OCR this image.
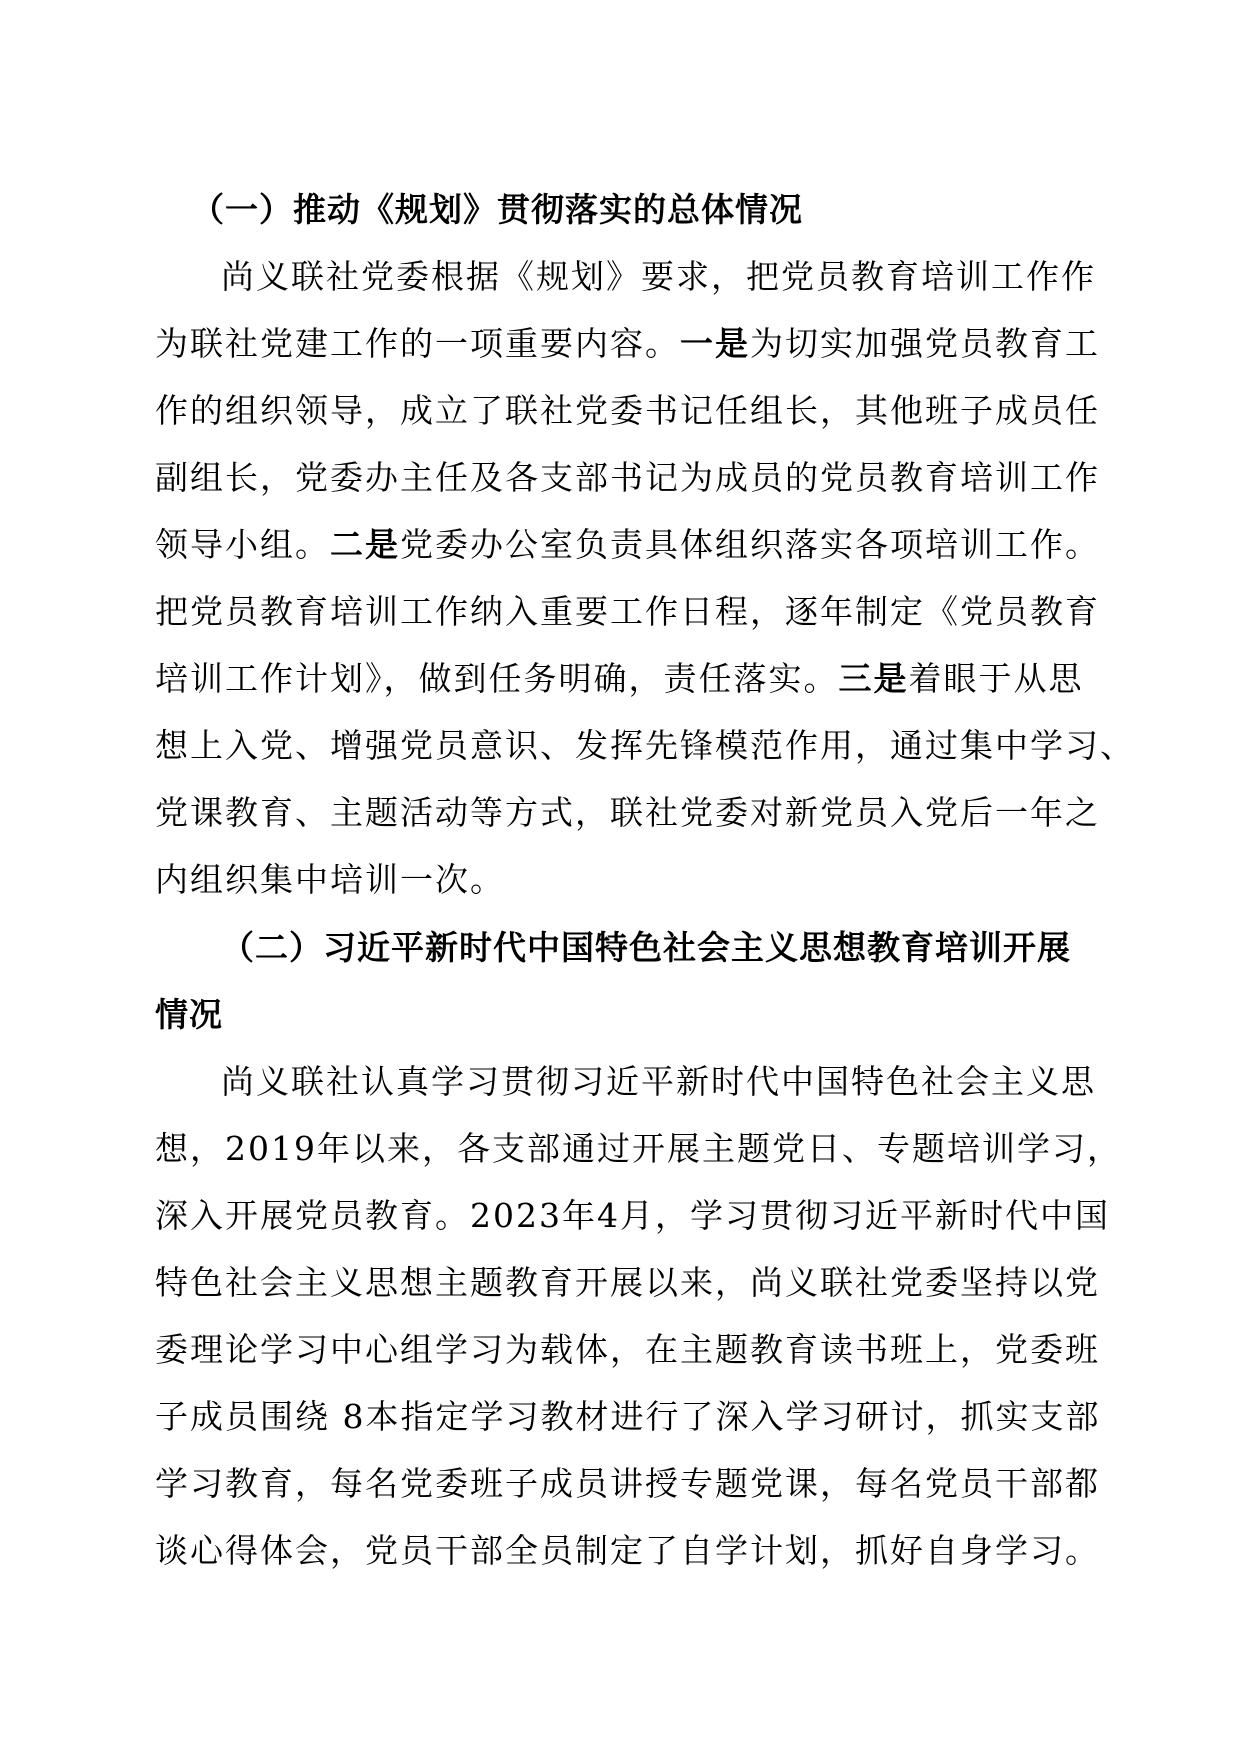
（一）推动《规划》贯彻落实的总体情况
尚义联社党委根据《规划》要求，把党员教育培训工作作
为联社党建工作的一项重要内容。一是为切实加强党员教育工
作的组织领导，成立了联社党委书记任组长，其他班子成员任
副组长，党委办主任及各支部书记为成员的党员教育培训工作
领导小组。二是党委办公室负责具体组织落实各项培训工作。
把党员教育培训工作纳入重要工作日程，逐年制定《党员教育
培训工作计划》，做到任务明确，责任落实。三是着眼于从思
想上入党、增强党员意识、发挥先锋模范作用，通过集中学习、
党课教育、主题活动等方式，联社党委对新党员入党后一年之
内组织集中培训一次。
（二）习近平新时代中国特色社会主义思想教育培训开展
情况
尚义联社认真学习贯彻习近平新时代中国特色社会主义思
想，2019年以来，各支部通过开展主题党日、专题培训学习，
深入开展党员教育。2023年4月，学习贯彻习近平新时代中国
特色社会主义思想主题教育开展以来，尚义联社党委坚持以党
委理论学习中心组学习为载体，在主题教育读书班上，党委班
子成员围绕 8本指定学习教材进行了深入学习研讨，抓实支部
学习教育，每名党委班子成员讲授专题党课，每名党员干部都
谈心得体会，党员干部全员制定了自学计划，抓好自身学习。
